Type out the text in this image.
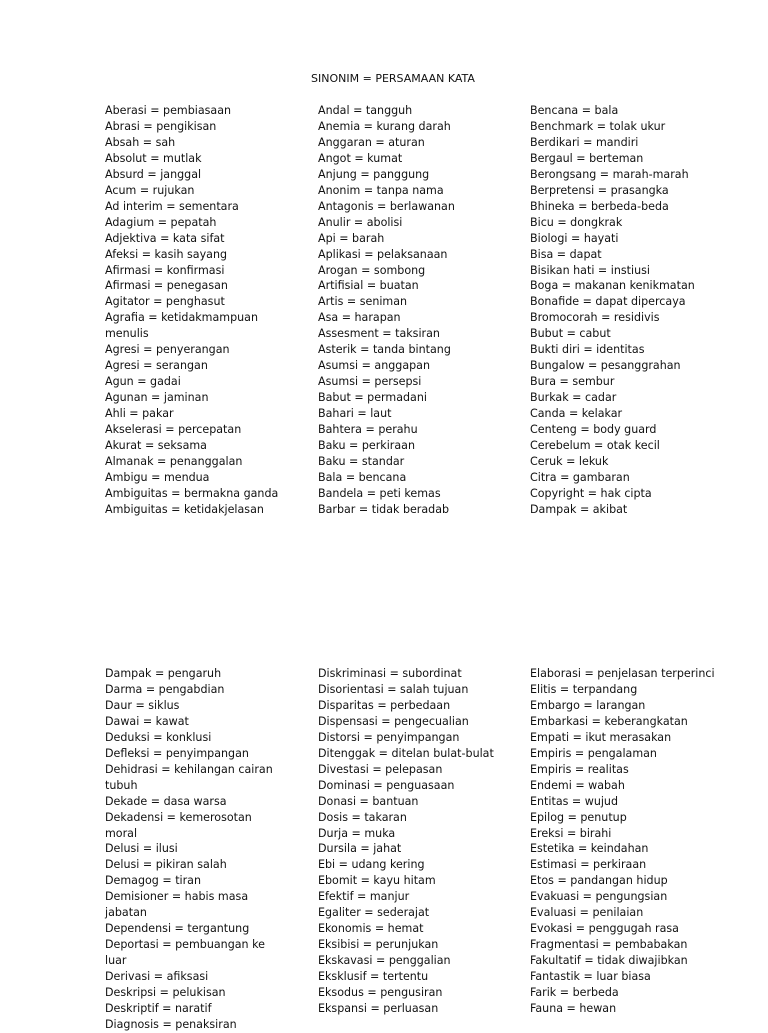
SINONIM = PERSAMAAN KATA
Aberasi = pembiasaan
Abrasi = pengikisan
Absah = sah
Absolut = mutlak
Absurd = janggal
Acum = rujukan
Ad interim = sementara
Adagium = pepatah
Adjektiva = kata sifat
Afeksi = kasih sayang
Afirmasi = konfirmasi
Afirmasi = penegasan
Agitator = penghasut
Agrafia = ketidakmampuan menulis
Agresi = penyerangan
Agresi = serangan
Agun = gadai
Agunan = jaminan
Ahli = pakar
Akselerasi = percepatan
Akurat = seksama
Almanak = penanggalan
Ambigu = mendua
Ambiguitas = bermakna ganda
Ambiguitas = ketidakjelasan
Andal = tangguh
Anemia = kurang darah
Anggaran = aturan
Angot = kumat
Anjung = panggung
Anonim = tanpa nama
Antagonis = berlawanan
Anulir = abolisi
Api = barah
Aplikasi = pelaksanaan
Arogan = sombong
Artifisial = buatan
Artis = seniman
Asa = harapan
Assesment = taksiran
Asterik = tanda bintang
Asumsi = anggapan
Asumsi = persepsi
Babut = permadani
Bahari = laut
Bahtera = perahu
Baku = perkiraan
Baku = standar
Bala = bencana
Bandela = peti kemas
Barbar = tidak beradab
Bencana = bala
Benchmark = tolak ukur
Berdikari = mandiri
Bergaul = berteman
Berongsang = marah-marah
Berpretensi = prasangka
Bhineka = berbeda-beda
Bicu = dongkrak
Biologi = hayati
Bisa = dapat
Bisikan hati = instiusi
Boga = makanan kenikmatan
Bonafide = dapat dipercaya
Bromocorah = residivis
Bubut = cabut
Bukti diri = identitas
Bungalow = pesanggrahan
Bura = sembur
Burkak = cadar
Canda = kelakar
Centeng = body guard
Cerebelum = otak kecil
Ceruk = lekuk
Citra = gambaran
Copyright = hak cipta
Dampak = akibat
Dampak = pengaruh
Darma = pengabdian
Daur = siklus
Dawai = kawat
Deduksi = konklusi
Defleksi = penyimpangan
Dehidrasi = kehilangan cairan tubuh
Dekade = dasa warsa
Dekadensi = kemerosotan moral
Delusi = ilusi
Delusi = pikiran salah
Demagog = tiran
Demisioner = habis masa jabatan
Dependensi = tergantung
Deportasi = pembuangan ke luar
Derivasi = afiksasi
Deskripsi = pelukisan
Deskriptif = naratif
Diagnosis = penaksiran
Diskriminasi = subordinat
Disorientasi = salah tujuan
Disparitas = perbedaan
Dispensasi = pengecualian
Distorsi = penyimpangan
Ditenggak = ditelan bulat-bulat
Divestasi = pelepasan
Dominasi = penguasaan
Donasi = bantuan
Dosis = takaran
Durja = muka
Dursila = jahat
Ebi = udang kering
Ebomit = kayu hitam
Efektif = manjur
Egaliter = sederajat
Ekonomis = hemat
Eksibisi = perunjukan
Ekskavasi = penggalian
Eksklusif = tertentu
Eksodus = pengusiran
Ekspansi = perluasan
Elaborasi = penjelasan terperinci
Elitis = terpandang
Embargo = larangan
Embarkasi = keberangkatan
Empati = ikut merasakan
Empiris = pengalaman
Empiris = realitas
Endemi = wabah
Entitas = wujud
Epilog = penutup
Ereksi = birahi
Estetika = keindahan
Estimasi = perkiraan
Etos = pandangan hidup
Evakuasi = pengungsian
Evaluasi = penilaian
Evokasi = penggugah rasa
Fragmentasi = pembabakan
Fakultatif = tidak diwajibkan
Fantastik = luar biasa
Farik = berbeda
Fauna = hewan
